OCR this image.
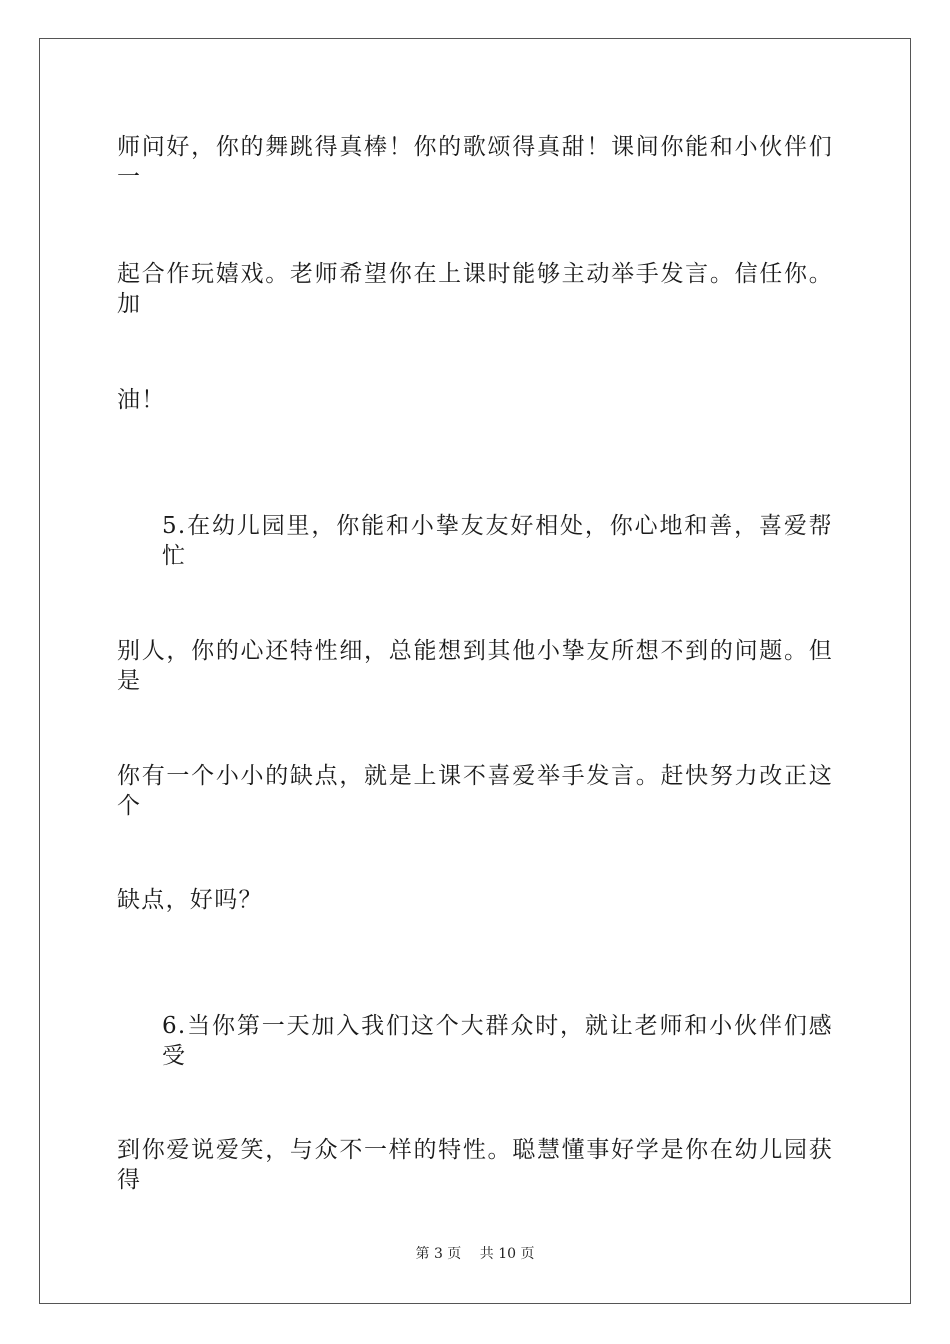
师问好，你的舞跳得真棒！你的歌颂得真甜！课间你能和小伙伴们一
起合作玩嬉戏。老师希望你在上课时能够主动举手发言。信任你。加
油！
5.在幼儿园里，你能和小挚友友好相处，你心地和善，喜爱帮忙
别人，你的心还特性细，总能想到其他小挚友所想不到的问题。但是
你有一个小小的缺点，就是上课不喜爱举手发言。赶快努力改正这个
缺点，好吗？
6.当你第一天加入我们这个大群众时，就让老师和小伙伴们感受
到你爱说爱笑，与众不一样的特性。聪慧懂事好学是你在幼儿园获得
第 3 页 共 10 页
